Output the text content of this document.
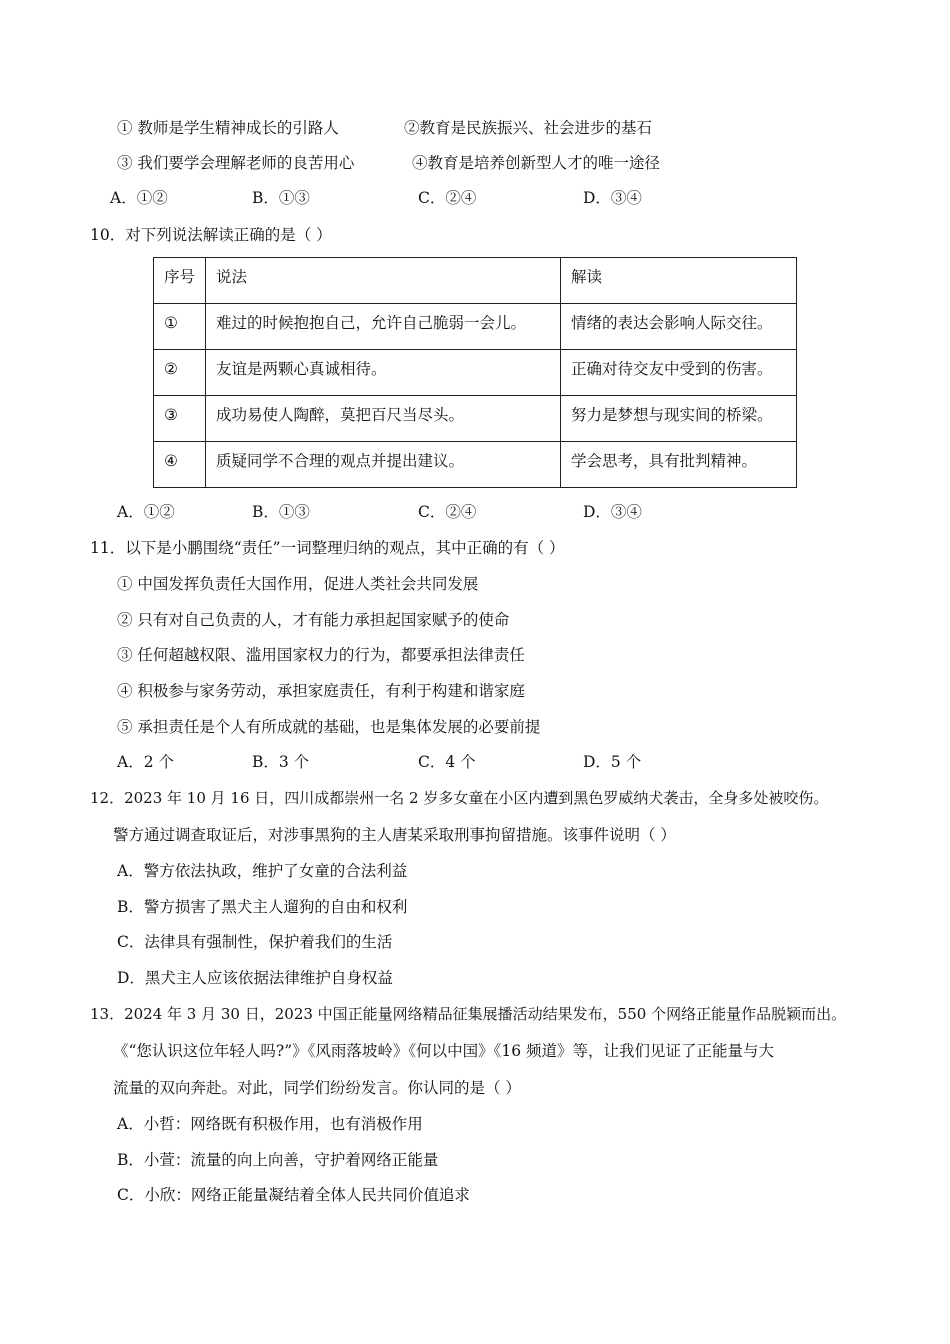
① 教师是学生精神成长的引路人	②教育是民族振兴、社会进步的基石
③ 我们要学会理解老师的良苦用心	④教育是培养创新型人才的唯一途径
A．①②	B．①③	C．②④	D．③④
10．对下列说法解读正确的是（ ）
序号	说法	解读
①	难过的时候抱抱自己，允许自己脆弱一会儿。	情绪的表达会影响人际交往。
②	友谊是两颗心真诚相待。	正确对待交友中受到的伤害。
③	成功易使人陶醉，莫把百尺当尽头。	努力是梦想与现实间的桥梁。
④	质疑同学不合理的观点并提出建议。	学会思考，具有批判精神。
A．①②	B．①③	C．②④	D．③④
11．以下是小鹏围绕“责任”一词整理归纳的观点，其中正确的有（ ）
① 中国发挥负责任大国作用，促进人类社会共同发展
② 只有对自己负责的人，才有能力承担起国家赋予的使命
③ 任何超越权限、滥用国家权力的行为，都要承担法律责任
④ 积极参与家务劳动，承担家庭责任，有利于构建和谐家庭
⑤ 承担责任是个人有所成就的基础，也是集体发展的必要前提
A．2 个	B．3 个	C．4 个	D．5 个
12．2023 年 10 月 16 日，四川成都崇州一名 2 岁多女童在小区内遭到黑色罗威纳犬袭击，全身多处被咬伤。
警方通过调查取证后，对涉事黑狗的主人唐某采取刑事拘留措施。该事件说明（ ）
A．警方依法执政，维护了女童的合法利益
B．警方损害了黑犬主人遛狗的自由和权利
C．法律具有强制性，保护着我们的生活
D．黑犬主人应该依据法律维护自身权益
13．2024 年 3 月 30 日，2023 中国正能量网络精品征集展播活动结果发布，550 个网络正能量作品脱颖而出。
《“您认识这位年轻人吗?”》《风雨落坡岭》《何以中国》《16 频道》等，让我们见证了正能量与大
流量的双向奔赴。对此，同学们纷纷发言。你认同的是（ ）
A．小哲：网络既有积极作用，也有消极作用
B．小萱：流量的向上向善，守护着网络正能量
C．小欣：网络正能量凝结着全体人民共同价值追求
